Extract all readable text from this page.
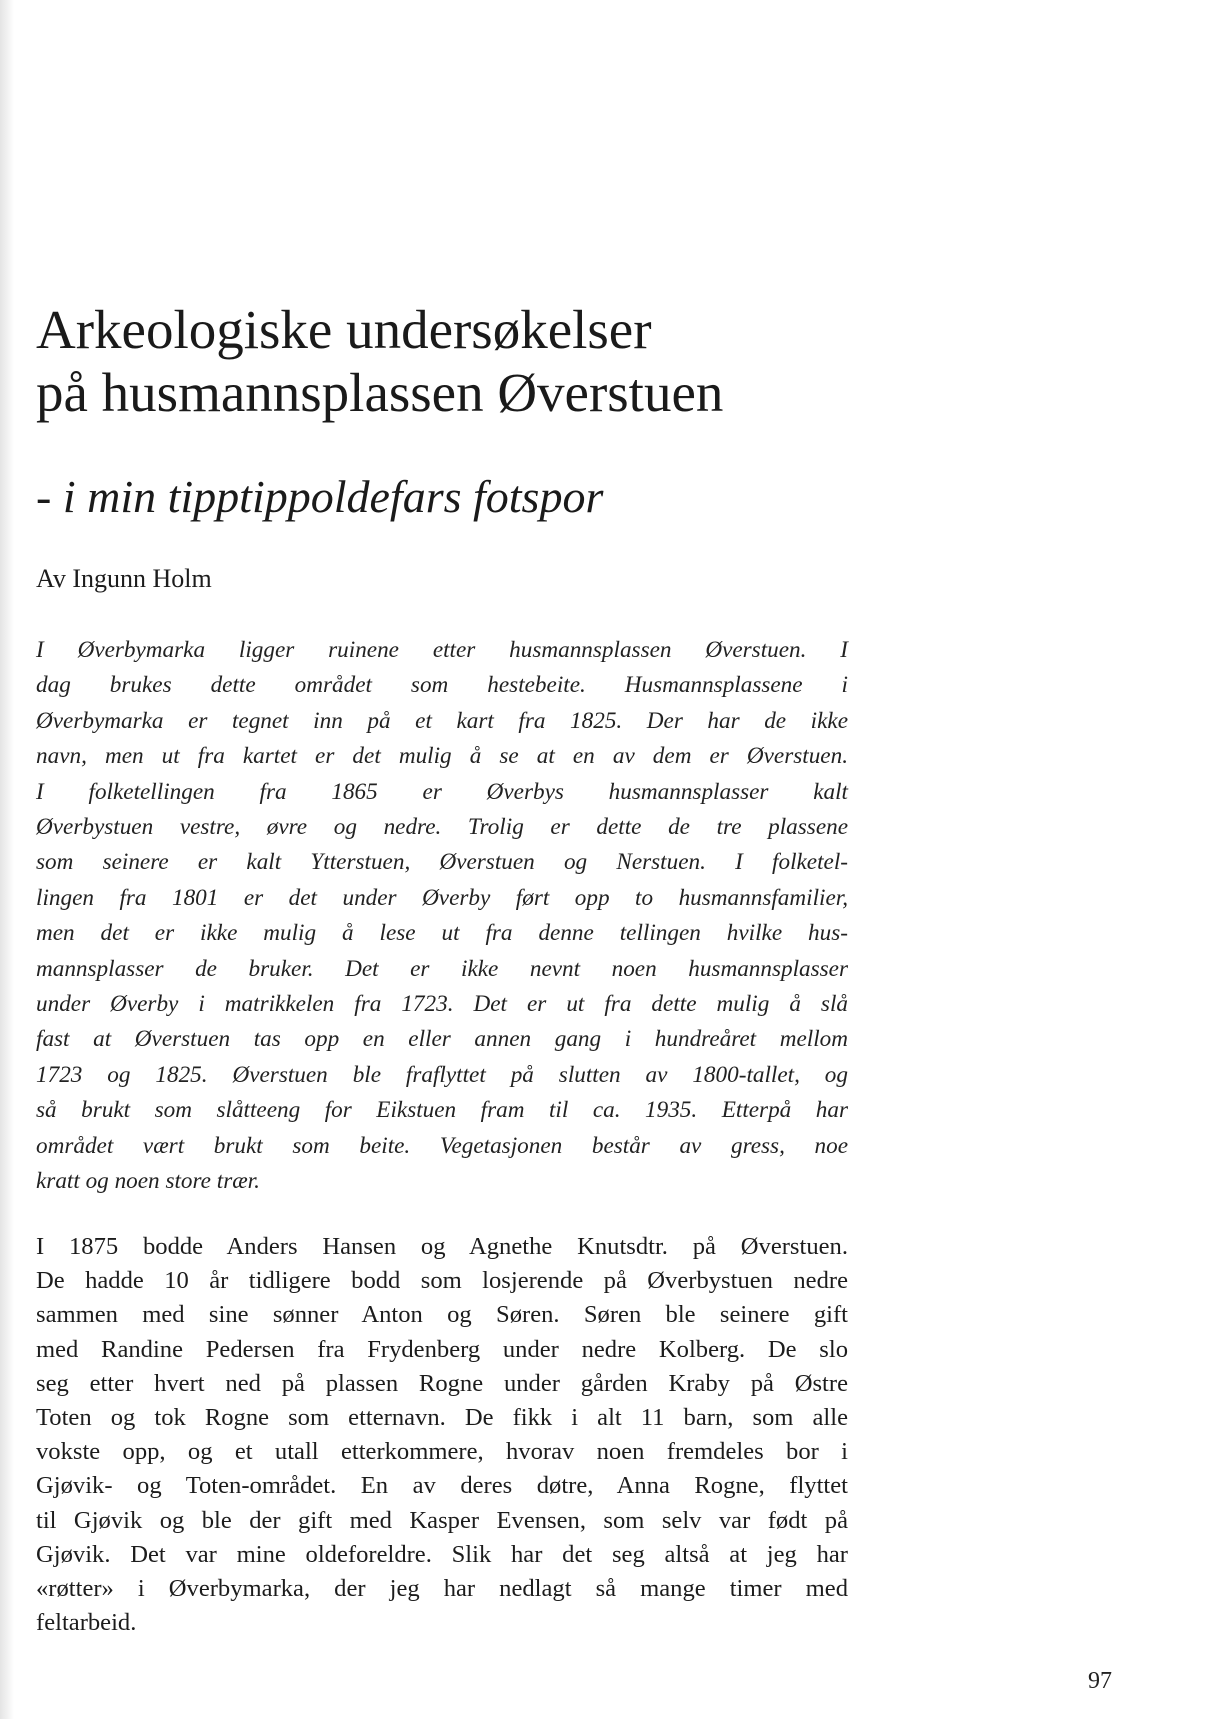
Arkeologiske undersøkelser
på husmannsplassen Øverstuen
- i min tipptippoldefars fotspor

Av Ingunn Holm

I Øverbymarka ligger ruinene etter husmannsplassen Øverstuen. I
dag brukes dette området som hestebeite. Husmannsplassene i
Øverbymarka er tegnet inn på et kart fra 1825. Der har de ikke
navn, men ut fra kartet er det mulig å se at en av dem er Øverstuen.
I folketellingen fra 1865 er Øverbys husmannsplasser kalt
Øverbystuen vestre, øvre og nedre. Trolig er dette de tre plassene
som seinere er kalt Ytterstuen, Øverstuen og Nerstuen. I folketel-
lingen fra 1801 er det under Øverby ført opp to husmannsfamilier,
men det er ikke mulig å lese ut fra denne tellingen hvilke hus-
mannsplasser de bruker. Det er ikke nevnt noen husmannsplasser
under Øverby i matrikkelen fra 1723. Det er ut fra dette mulig å slå
fast at Øverstuen tas opp en eller annen gang i hundreåret mellom
1723 og 1825. Øverstuen ble fraflyttet på slutten av 1800-tallet, og
så brukt som slåtteeng for Eikstuen fram til ca. 1935. Etterpå har
området vært brukt som beite. Vegetasjonen består av gress, noe
kratt og noen store trær.
I 1875 bodde Anders Hansen og Agnethe Knutsdtr. på Øverstuen.
De hadde 10 år tidligere bodd som losjerende på Øverbystuen nedre
sammen med sine sønner Anton og Søren. Søren ble seinere gift
med Randine Pedersen fra Frydenberg under nedre Kolberg. De slo
seg etter hvert ned på plassen Rogne under gården Kraby på Østre
Toten og tok Rogne som etternavn. De fikk i alt 11 barn, som alle
vokste opp, og et utall etterkommere, hvorav noen fremdeles bor i
Gjøvik- og Toten-området. En av deres døtre, Anna Rogne, flyttet
til Gjøvik og ble der gift med Kasper Evensen, som selv var født på
Gjøvik. Det var mine oldeforeldre. Slik har det seg altså at jeg har
«røtter» i Øverbymarka, der jeg har nedlagt så mange timer med
feltarbeid.
97
